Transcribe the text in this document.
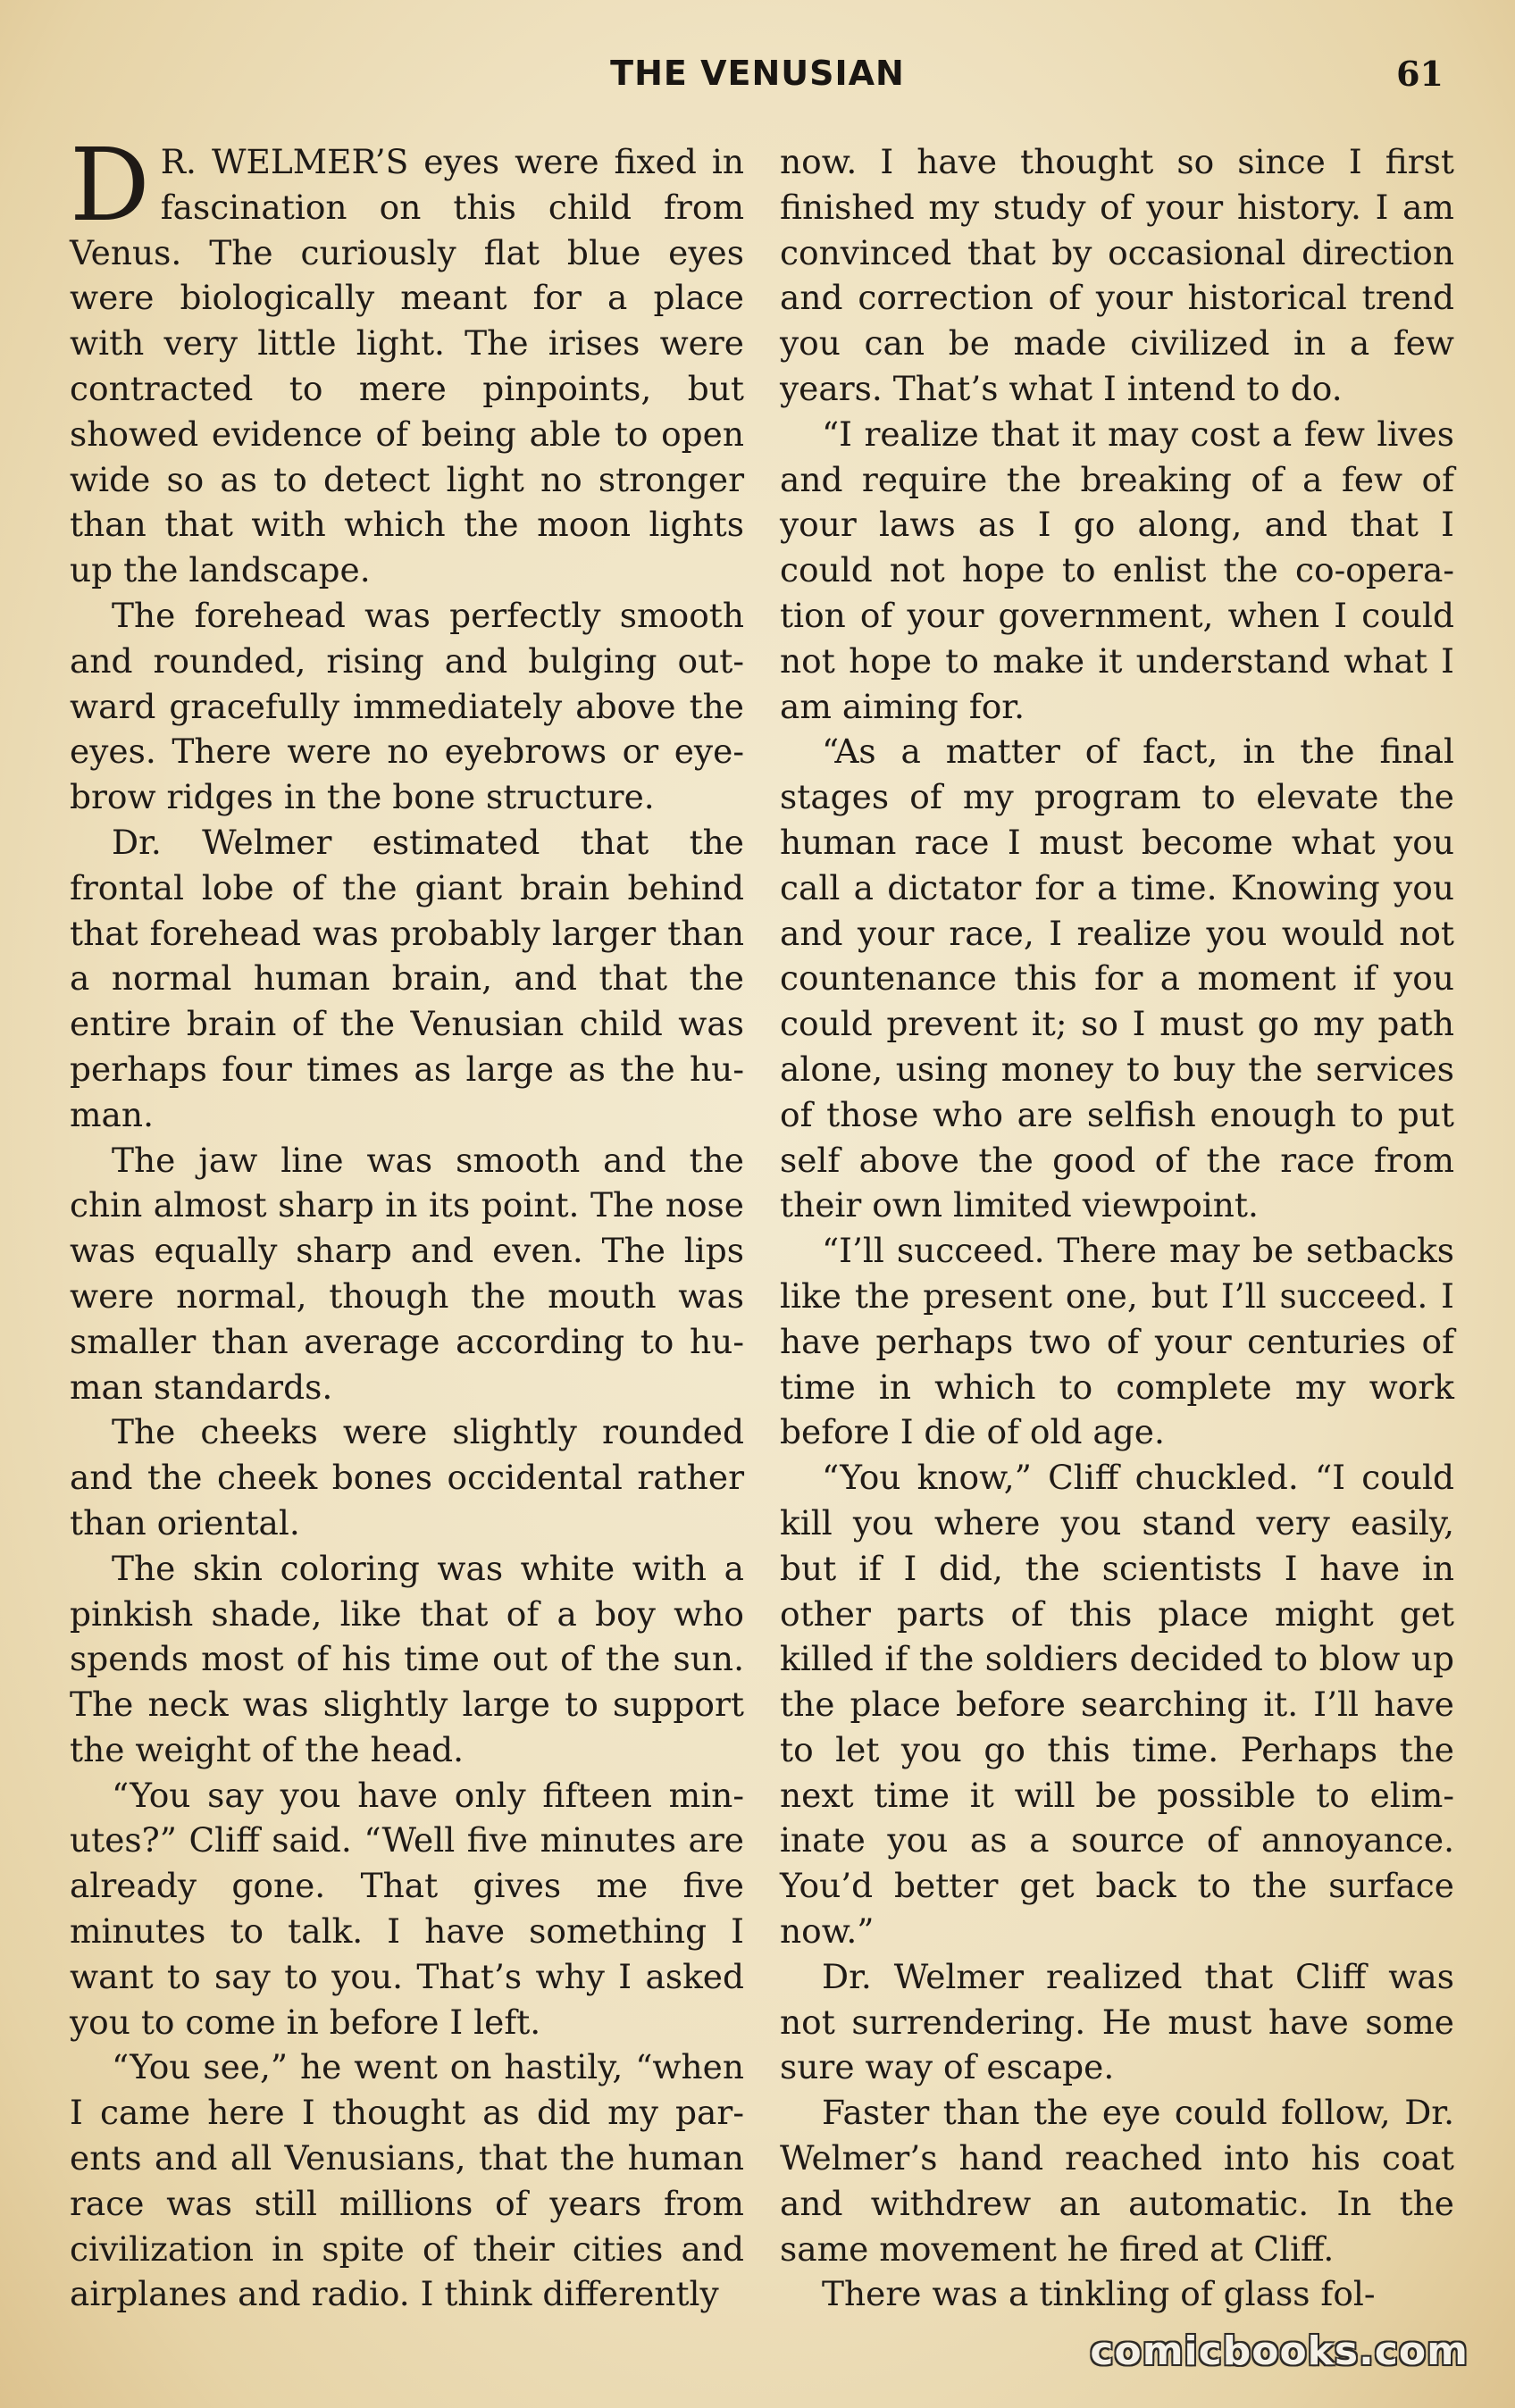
THE VENUSIAN	61

D R. WELMER’S eyes were fixed in fascination on this child from Venus. The curiously flat blue eyes were biologically meant for a place with very little light. The irises were contracted to mere pinpoints, but showed evidence of being able to open wide so as to detect light no stronger than that with which the moon lights up the landscape.

The forehead was perfectly smooth and rounded, rising and bulging outward gracefully immediately above the eyes. There were no eyebrows or eyebrow ridges in the bone structure.

Dr. Welmer estimated that the frontal lobe of the giant brain behind that forehead was probably larger than a normal human brain, and that the entire brain of the Venusian child was perhaps four times as large as the human.

The jaw line was smooth and the chin almost sharp in its point. The nose was equally sharp and even. The lips were normal, though the mouth was smaller than average according to human standards.

The cheeks were slightly rounded and the cheek bones occidental rather than oriental.

The skin coloring was white with a pinkish shade, like that of a boy who spends most of his time out of the sun. The neck was slightly large to support the weight of the head.

“You say you have only fifteen minutes?” Cliff said. “Well five minutes are already gone. That gives me five minutes to talk. I have something I want to say to you. That’s why I asked you to come in before I left.

“You see,” he went on hastily, “when I came here I thought as did my parents and all Venusians, that the human race was still millions of years from civilization in spite of their cities and airplanes and radio. I think differently

now. I have thought so since I first finished my study of your history. I am convinced that by occasional direction and correction of your historical trend you can be made civilized in a few years. That’s what I intend to do.

“I realize that it may cost a few lives and require the breaking of a few of your laws as I go along, and that I could not hope to enlist the co-operation of your government, when I could not hope to make it understand what I am aiming for.

“As a matter of fact, in the final stages of my program to elevate the human race I must become what you call a dictator for a time. Knowing you and your race, I realize you would not countenance this for a moment if you could prevent it; so I must go my path alone, using money to buy the services of those who are selfish enough to put self above the good of the race from their own limited viewpoint.

“I’ll succeed. There may be setbacks like the present one, but I’ll succeed. I have perhaps two of your centuries of time in which to complete my work before I die of old age.

“You know,” Cliff chuckled. “I could kill you where you stand very easily, but if I did, the scientists I have in other parts of this place might get killed if the soldiers decided to blow up the place before searching it. I’ll have to let you go this time. Perhaps the next time it will be possible to eliminate you as a source of annoyance. You’d better get back to the surface now.”

Dr. Welmer realized that Cliff was not surrendering. He must have some sure way of escape.

Faster than the eye could follow, Dr. Welmer’s hand reached into his coat and withdrew an automatic. In the same movement he fired at Cliff.

There was a tinkling of glass fol-

comicbooks.com
